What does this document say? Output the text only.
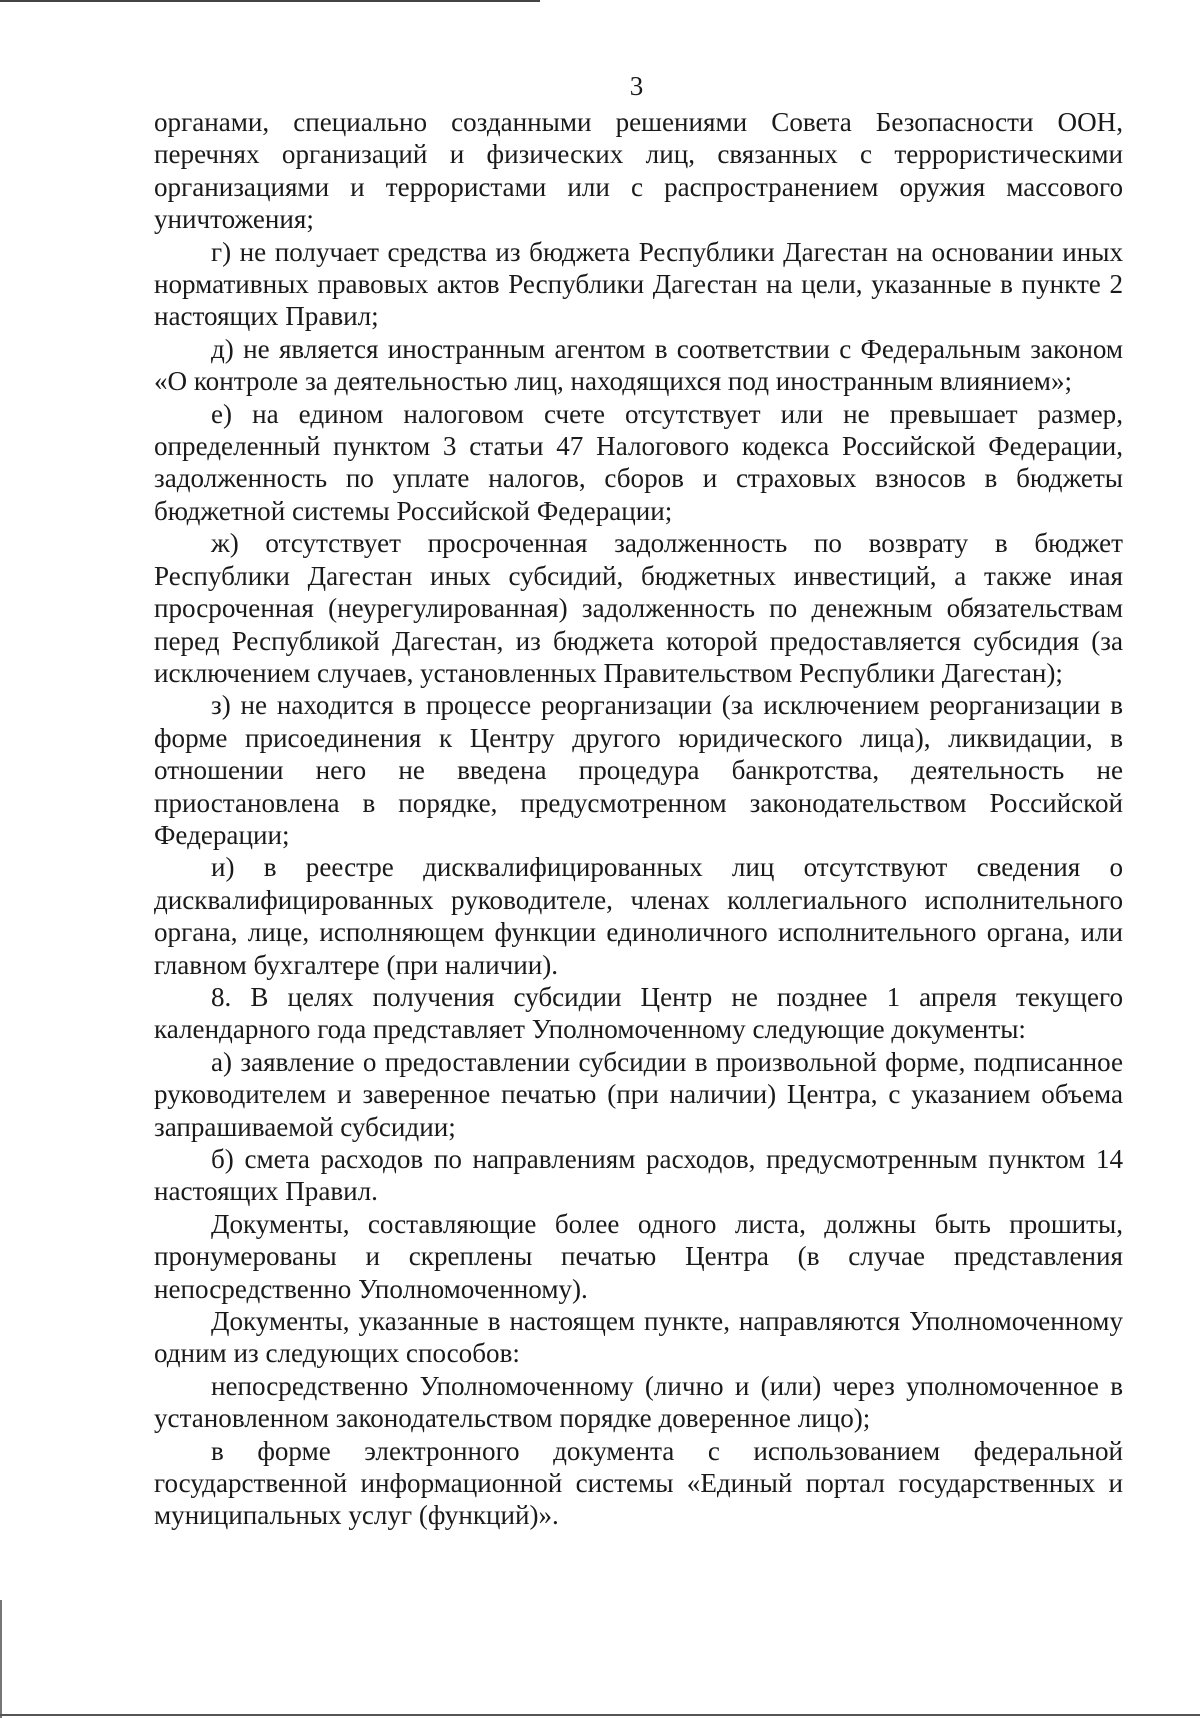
3

органами, специально созданными решениями Совета Безопасности ООН, перечнях организаций и физических лиц, связанных с террористическими организациями и террористами или с распространением оружия массового уничтожения;

г) не получает средства из бюджета Республики Дагестан на основании иных нормативных правовых актов Республики Дагестан на цели, указанные в пункте 2 настоящих Правил;

д) не является иностранным агентом в соответствии с Федеральным законом «О контроле за деятельностью лиц, находящихся под иностранным влиянием»;

е) на едином налоговом счете отсутствует или не превышает размер, определенный пунктом 3 статьи 47 Налогового кодекса Российской Федерации, задолженность по уплате налогов, сборов и страховых взносов в бюджеты бюджетной системы Российской Федерации;

ж) отсутствует просроченная задолженность по возврату в бюджет Республики Дагестан иных субсидий, бюджетных инвестиций, а также иная просроченная (неурегулированная) задолженность по денежным обязательствам перед Республикой Дагестан, из бюджета которой предоставляется субсидия (за исключением случаев, установленных Правительством Республики Дагестан);

з) не находится в процессе реорганизации (за исключением реорганизации в форме присоединения к Центру другого юридического лица), ликвидации, в отношении него не введена процедура банкротства, деятельность не приостановлена в порядке, предусмотренном законодательством Российской Федерации;

и) в реестре дисквалифицированных лиц отсутствуют сведения о дисквалифицированных руководителе, членах коллегиального исполнительного органа, лице, исполняющем функции единоличного исполнительного органа, или главном бухгалтере (при наличии).

8. В целях получения субсидии Центр не позднее 1 апреля текущего календарного года представляет Уполномоченному следующие документы:

а) заявление о предоставлении субсидии в произвольной форме, подписанное руководителем и заверенное печатью (при наличии) Центра, с указанием объема запрашиваемой субсидии;

б) смета расходов по направлениям расходов, предусмотренным пунктом 14 настоящих Правил.

Документы, составляющие более одного листа, должны быть прошиты, пронумерованы и скреплены печатью Центра (в случае представления непосредственно Уполномоченному).

Документы, указанные в настоящем пункте, направляются Уполномоченному одним из следующих способов:

непосредственно Уполномоченному (лично и (или) через уполномоченное в установленном законодательством порядке доверенное лицо);

в форме электронного документа с использованием федеральной государственной информационной системы «Единый портал государственных и муниципальных услуг (функций)».
